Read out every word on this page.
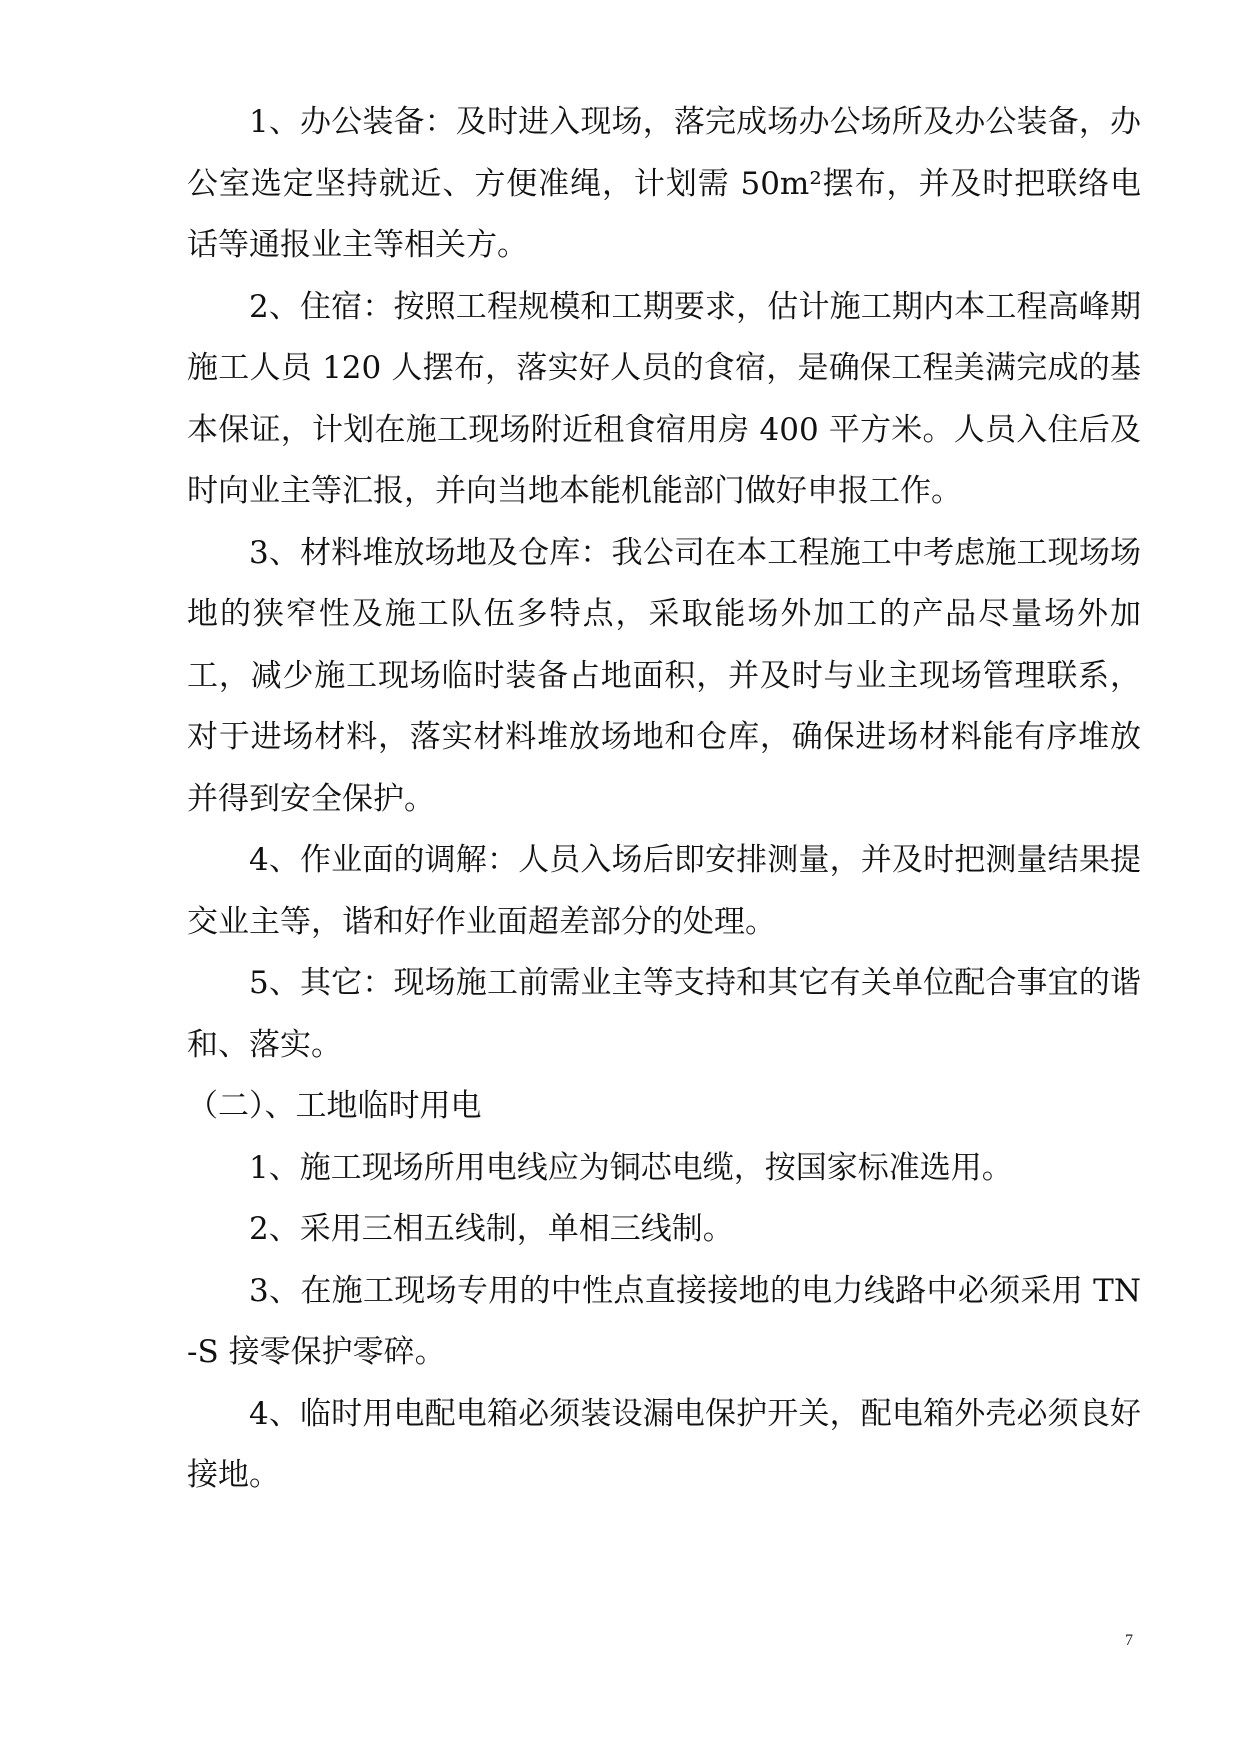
1、办公装备：及时进入现场，落完成场办公场所及办公装备，办公室选定坚持就近、方便准绳，计划需 50m²摆布，并及时把联络电话等通报业主等相关方。

2、住宿：按照工程规模和工期要求，估计施工期内本工程高峰期施工人员 120 人摆布，落实好人员的食宿，是确保工程美满完成的基本保证，计划在施工现场附近租食宿用房 400 平方米。人员入住后及时向业主等汇报，并向当地本能机能部门做好申报工作。

3、材料堆放场地及仓库：我公司在本工程施工中考虑施工现场场地的狭窄性及施工队伍多特点，采取能场外加工的产品尽量场外加工，减少施工现场临时装备占地面积，并及时与业主现场管理联系，对于进场材料，落实材料堆放场地和仓库，确保进场材料能有序堆放并得到安全保护。

4、作业面的调解：人员入场后即安排测量，并及时把测量结果提交业主等，谐和好作业面超差部分的处理。

5、其它：现场施工前需业主等支持和其它有关单位配合事宜的谐和、落实。

（二）、工地临时用电

1、施工现场所用电线应为铜芯电缆，按国家标准选用。

2、采用三相五线制，单相三线制。

3、在施工现场专用的中性点直接接地的电力线路中必须采用 TN-S 接零保护零碎。

4、临时用电配电箱必须装设漏电保护开关，配电箱外壳必须良好接地。

7
